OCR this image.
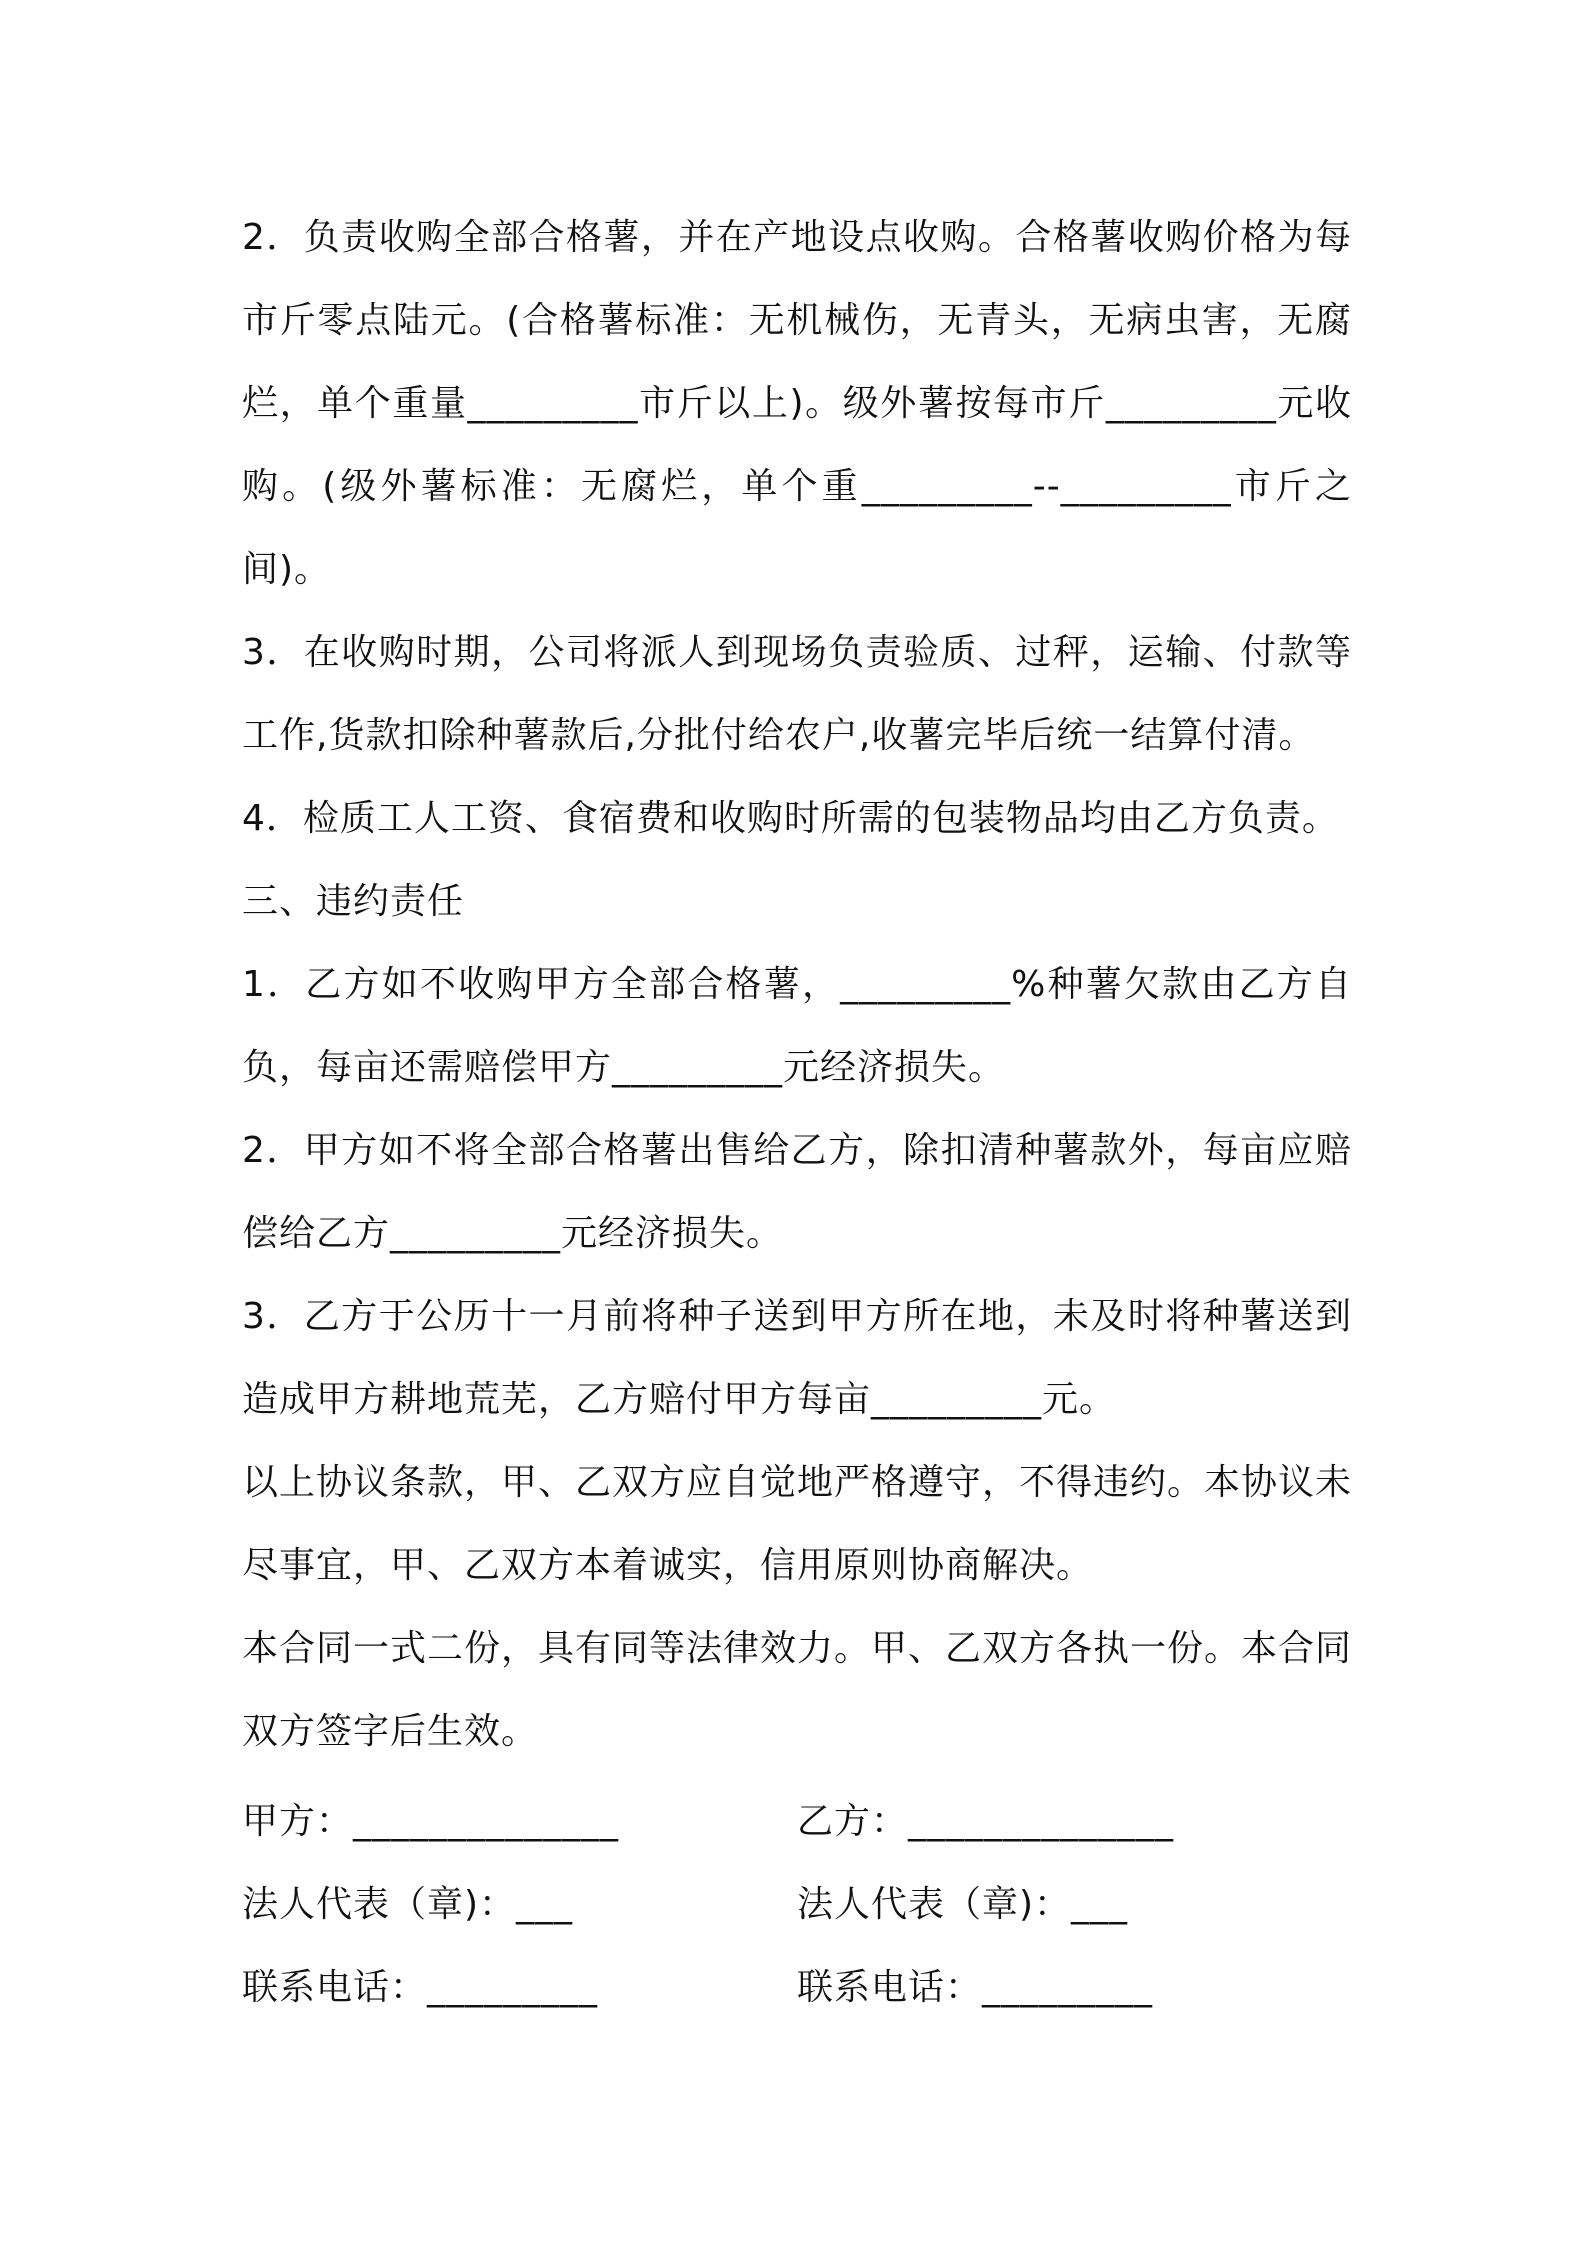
2．负责收购全部合格薯，并在产地设点收购。合格薯收购价格为每市斤零点陆元。(合格薯标准：无机械伤，无青头，无病虫害，无腐烂，单个重量_________市斤以上)。级外薯按每市斤_________元收购。(级外薯标准：无腐烂，单个重_________--_________市斤之间)。

3．在收购时期，公司将派人到现场负责验质、过秤，运输、付款等工作,货款扣除种薯款后,分批付给农户,收薯完毕后统一结算付清。

4．检质工人工资、食宿费和收购时所需的包装物品均由乙方负责。

三、违约责任

1．乙方如不收购甲方全部合格薯，_________%种薯欠款由乙方自负，每亩还需赔偿甲方_________元经济损失。

2．甲方如不将全部合格薯出售给乙方，除扣清种薯款外，每亩应赔偿给乙方_________元经济损失。

3．乙方于公历十一月前将种子送到甲方所在地，未及时将种薯送到造成甲方耕地荒芜，乙方赔付甲方每亩_________元。

以上协议条款，甲、乙双方应自觉地严格遵守，不得违约。本协议未尽事宜，甲、乙双方本着诚实，信用原则协商解决。

本合同一式二份，具有同等法律效力。甲、乙双方各执一份。本合同双方签字后生效。

甲方：______________	乙方：______________
法人代表（章)：___	法人代表（章)：___
联系电话：_________	联系电话：_________
